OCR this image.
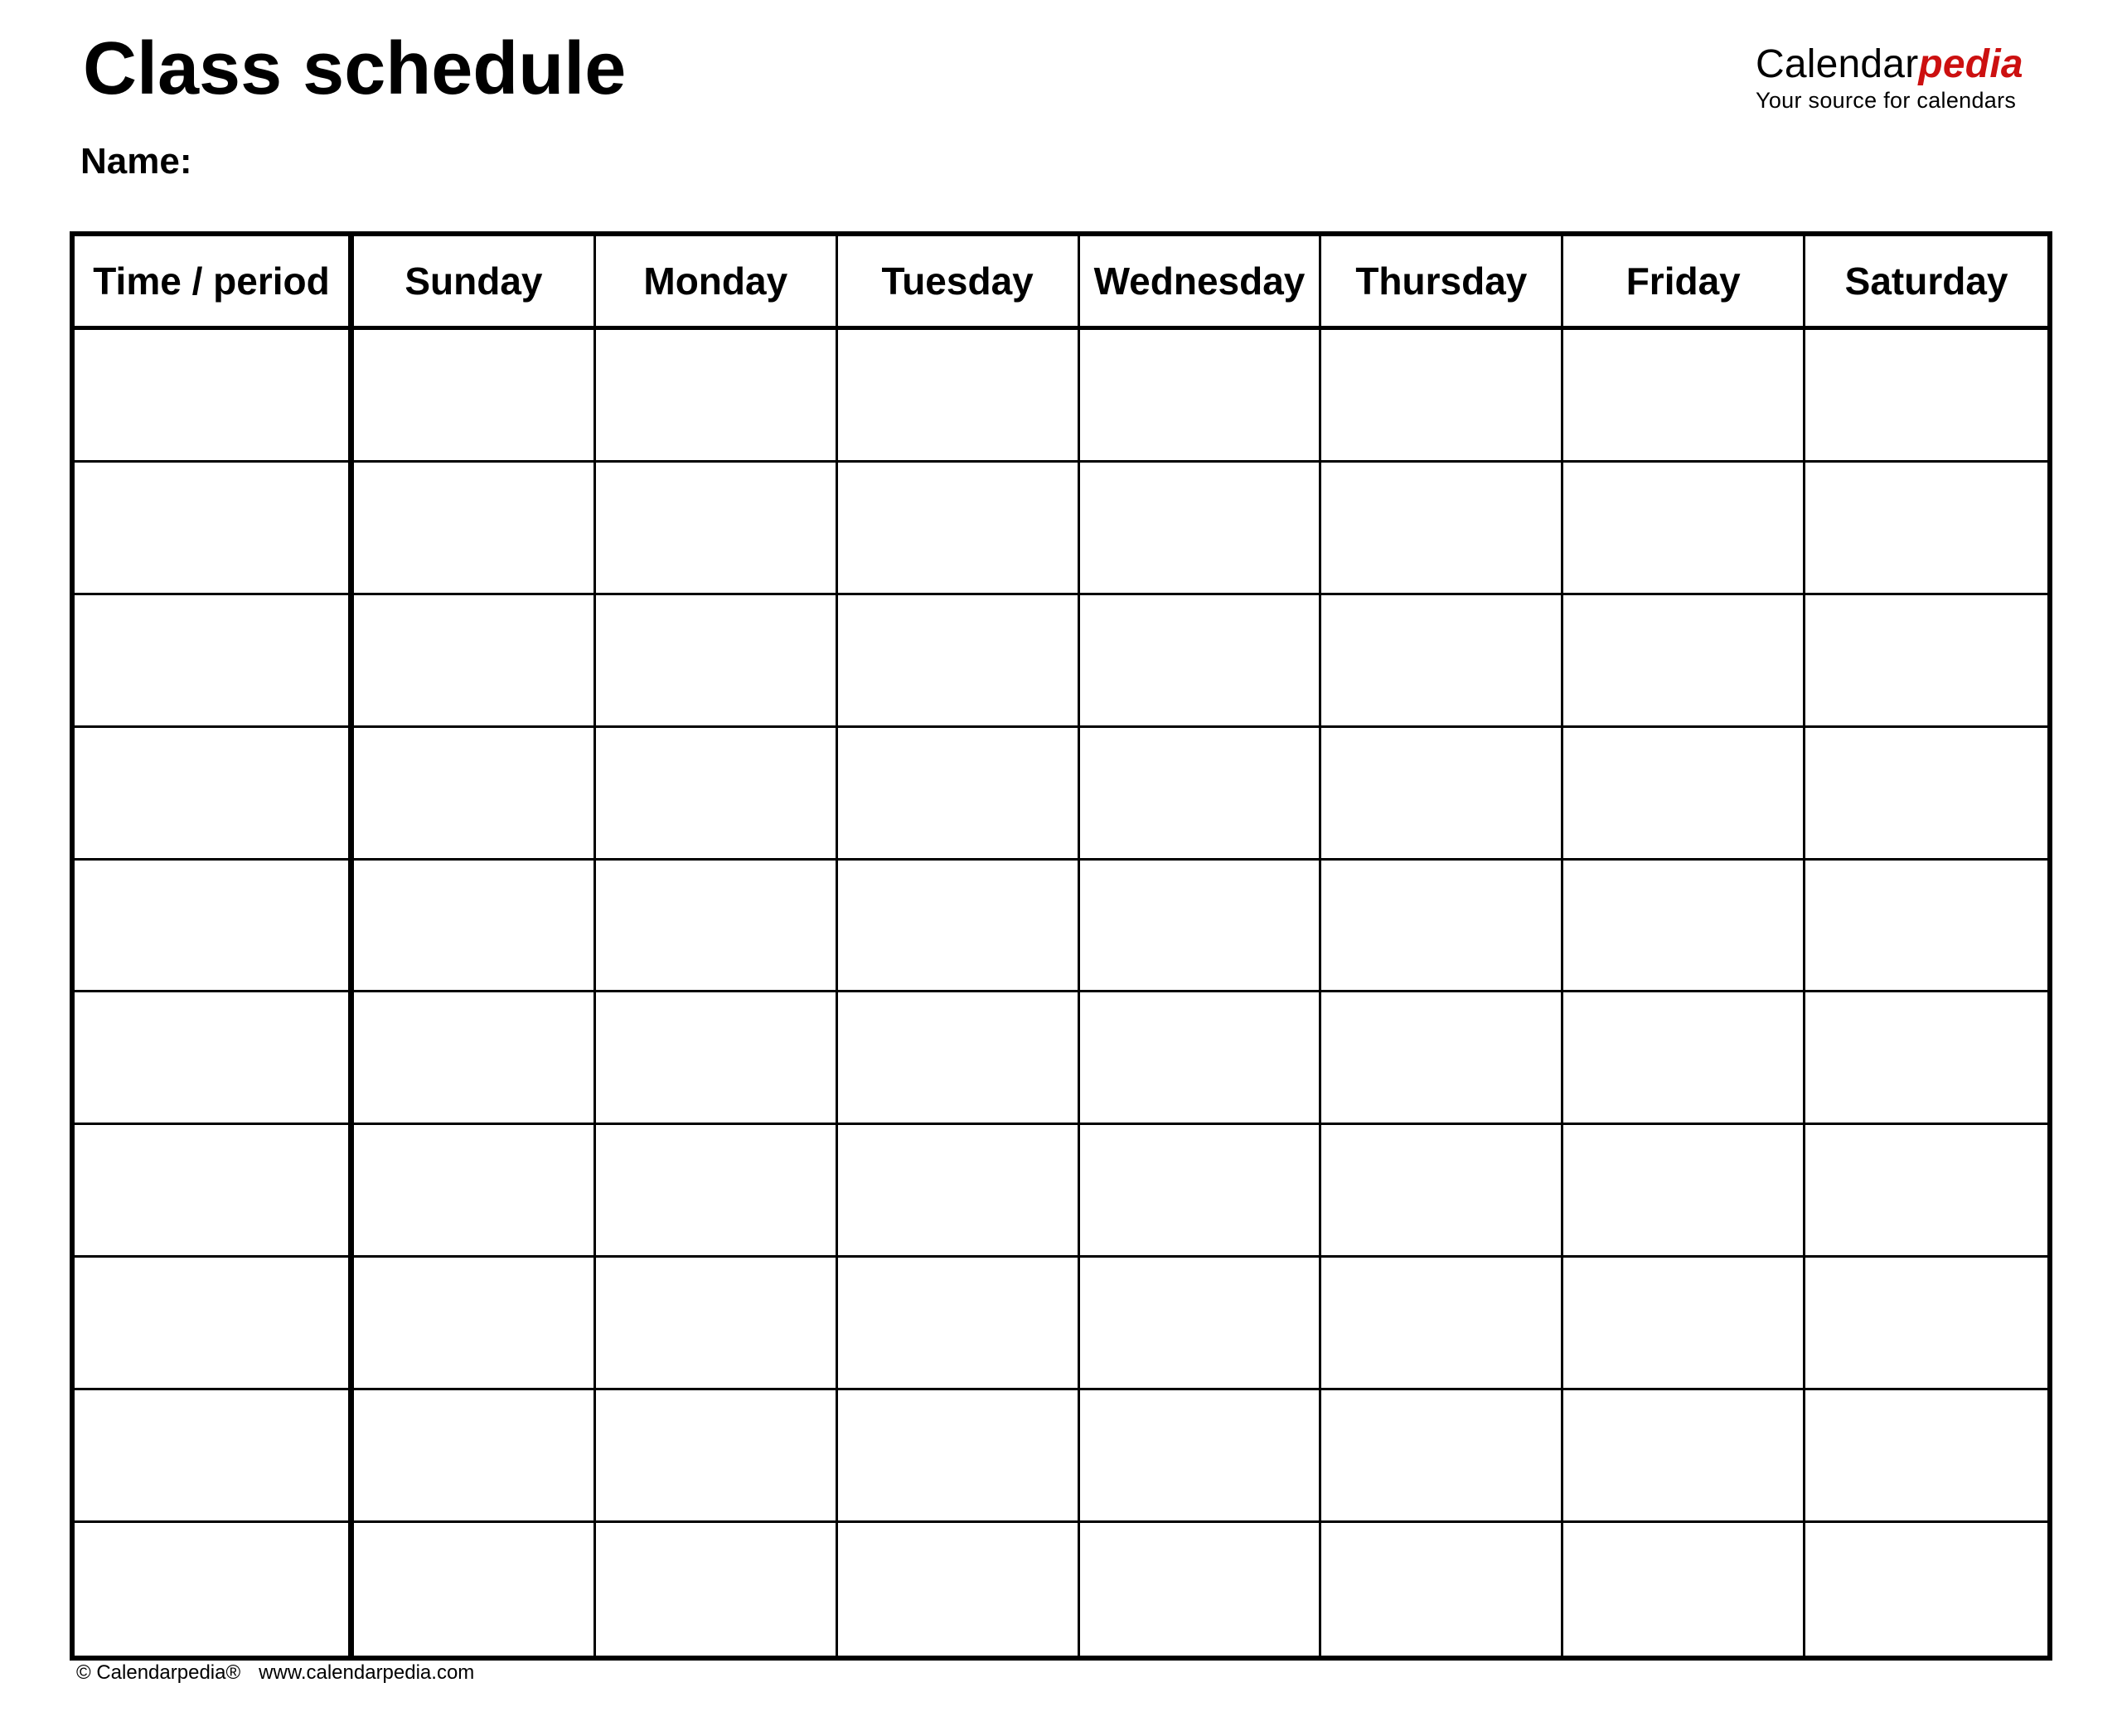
Class schedule
Name:
Calendarpedia
Your source for calendars
Time / period	Sunday	Monday	Tuesday	Wednesday	Thursday	Friday	Saturday
© Calendarpedia® www.calendarpedia.com
